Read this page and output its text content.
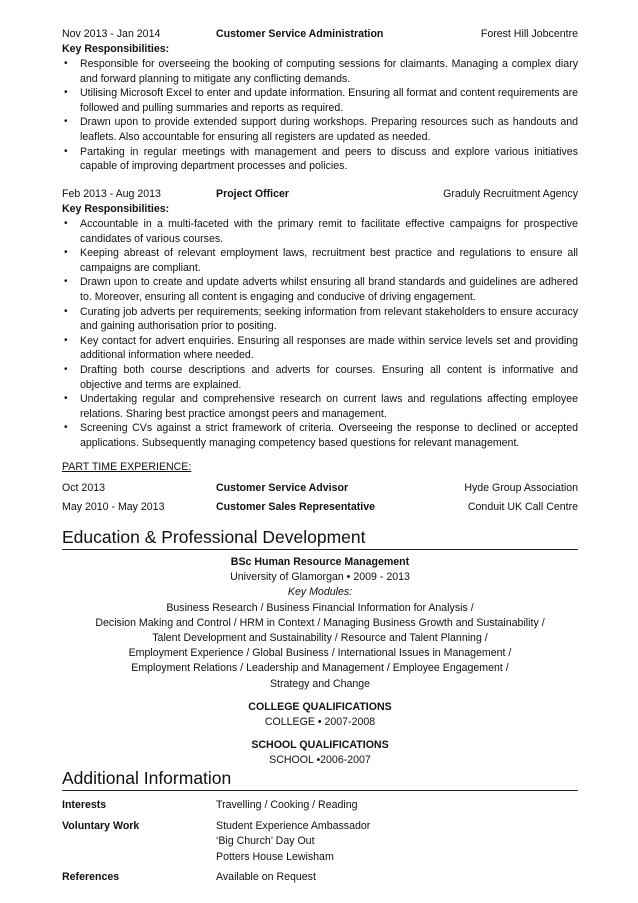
Nov 2013 - Jan 2014	Customer Service Administration	Forest Hill Jobcentre
Key Responsibilities:
• Responsible for overseeing the booking of computing sessions for claimants. Managing a complex diary and forward planning to mitigate any conflicting demands.
• Utilising Microsoft Excel to enter and update information. Ensuring all format and content requirements are followed and pulling summaries and reports as required.
• Drawn upon to provide extended support during workshops. Preparing resources such as handouts and leaflets. Also accountable for ensuring all registers are updated as needed.
• Partaking in regular meetings with management and peers to discuss and explore various initiatives capable of improving department processes and policies.
Feb 2013 - Aug 2013	Project Officer	Graduly Recruitment Agency
Key Responsibilities:
• Accountable in a multi-faceted with the primary remit to facilitate effective campaigns for prospective candidates of various courses.
• Keeping abreast of relevant employment laws, recruitment best practice and regulations to ensure all campaigns are compliant.
• Drawn upon to create and update adverts whilst ensuring all brand standards and guidelines are adhered to. Moreover, ensuring all content is engaging and conducive of driving engagement.
• Curating job adverts per requirements; seeking information from relevant stakeholders to ensure accuracy and gaining authorisation prior to positing.
• Key contact for advert enquiries. Ensuring all responses are made within service levels set and providing additional information where needed.
• Drafting both course descriptions and adverts for courses. Ensuring all content is informative and objective and terms are explained.
• Undertaking regular and comprehensive research on current laws and regulations affecting employee relations. Sharing best practice amongst peers and management.
• Screening CVs against a strict framework of criteria. Overseeing the response to declined or accepted applications. Subsequently managing competency based questions for relevant management.
PART TIME EXPERIENCE:
Oct 2013	Customer Service Advisor	Hyde Group Association
May 2010 - May 2013	Customer Sales Representative	Conduit UK Call Centre
Education & Professional Development
BSc Human Resource Management
University of Glamorgan • 2009 - 2013
Key Modules:
Business Research / Business Financial Information for Analysis /
Decision Making and Control / HRM in Context / Managing Business Growth and Sustainability /
Talent Development and Sustainability / Resource and Talent Planning /
Employment Experience / Global Business / International Issues in Management /
Employment Relations / Leadership and Management / Employee Engagement /
Strategy and Change
COLLEGE QUALIFICATIONS
COLLEGE • 2007-2008
SCHOOL QUALIFICATIONS
SCHOOL •2006-2007
Additional Information
Interests	Travelling / Cooking / Reading
Voluntary Work	Student Experience Ambassador
‘Big Church’ Day Out
Potters House Lewisham
References	Available on Request
